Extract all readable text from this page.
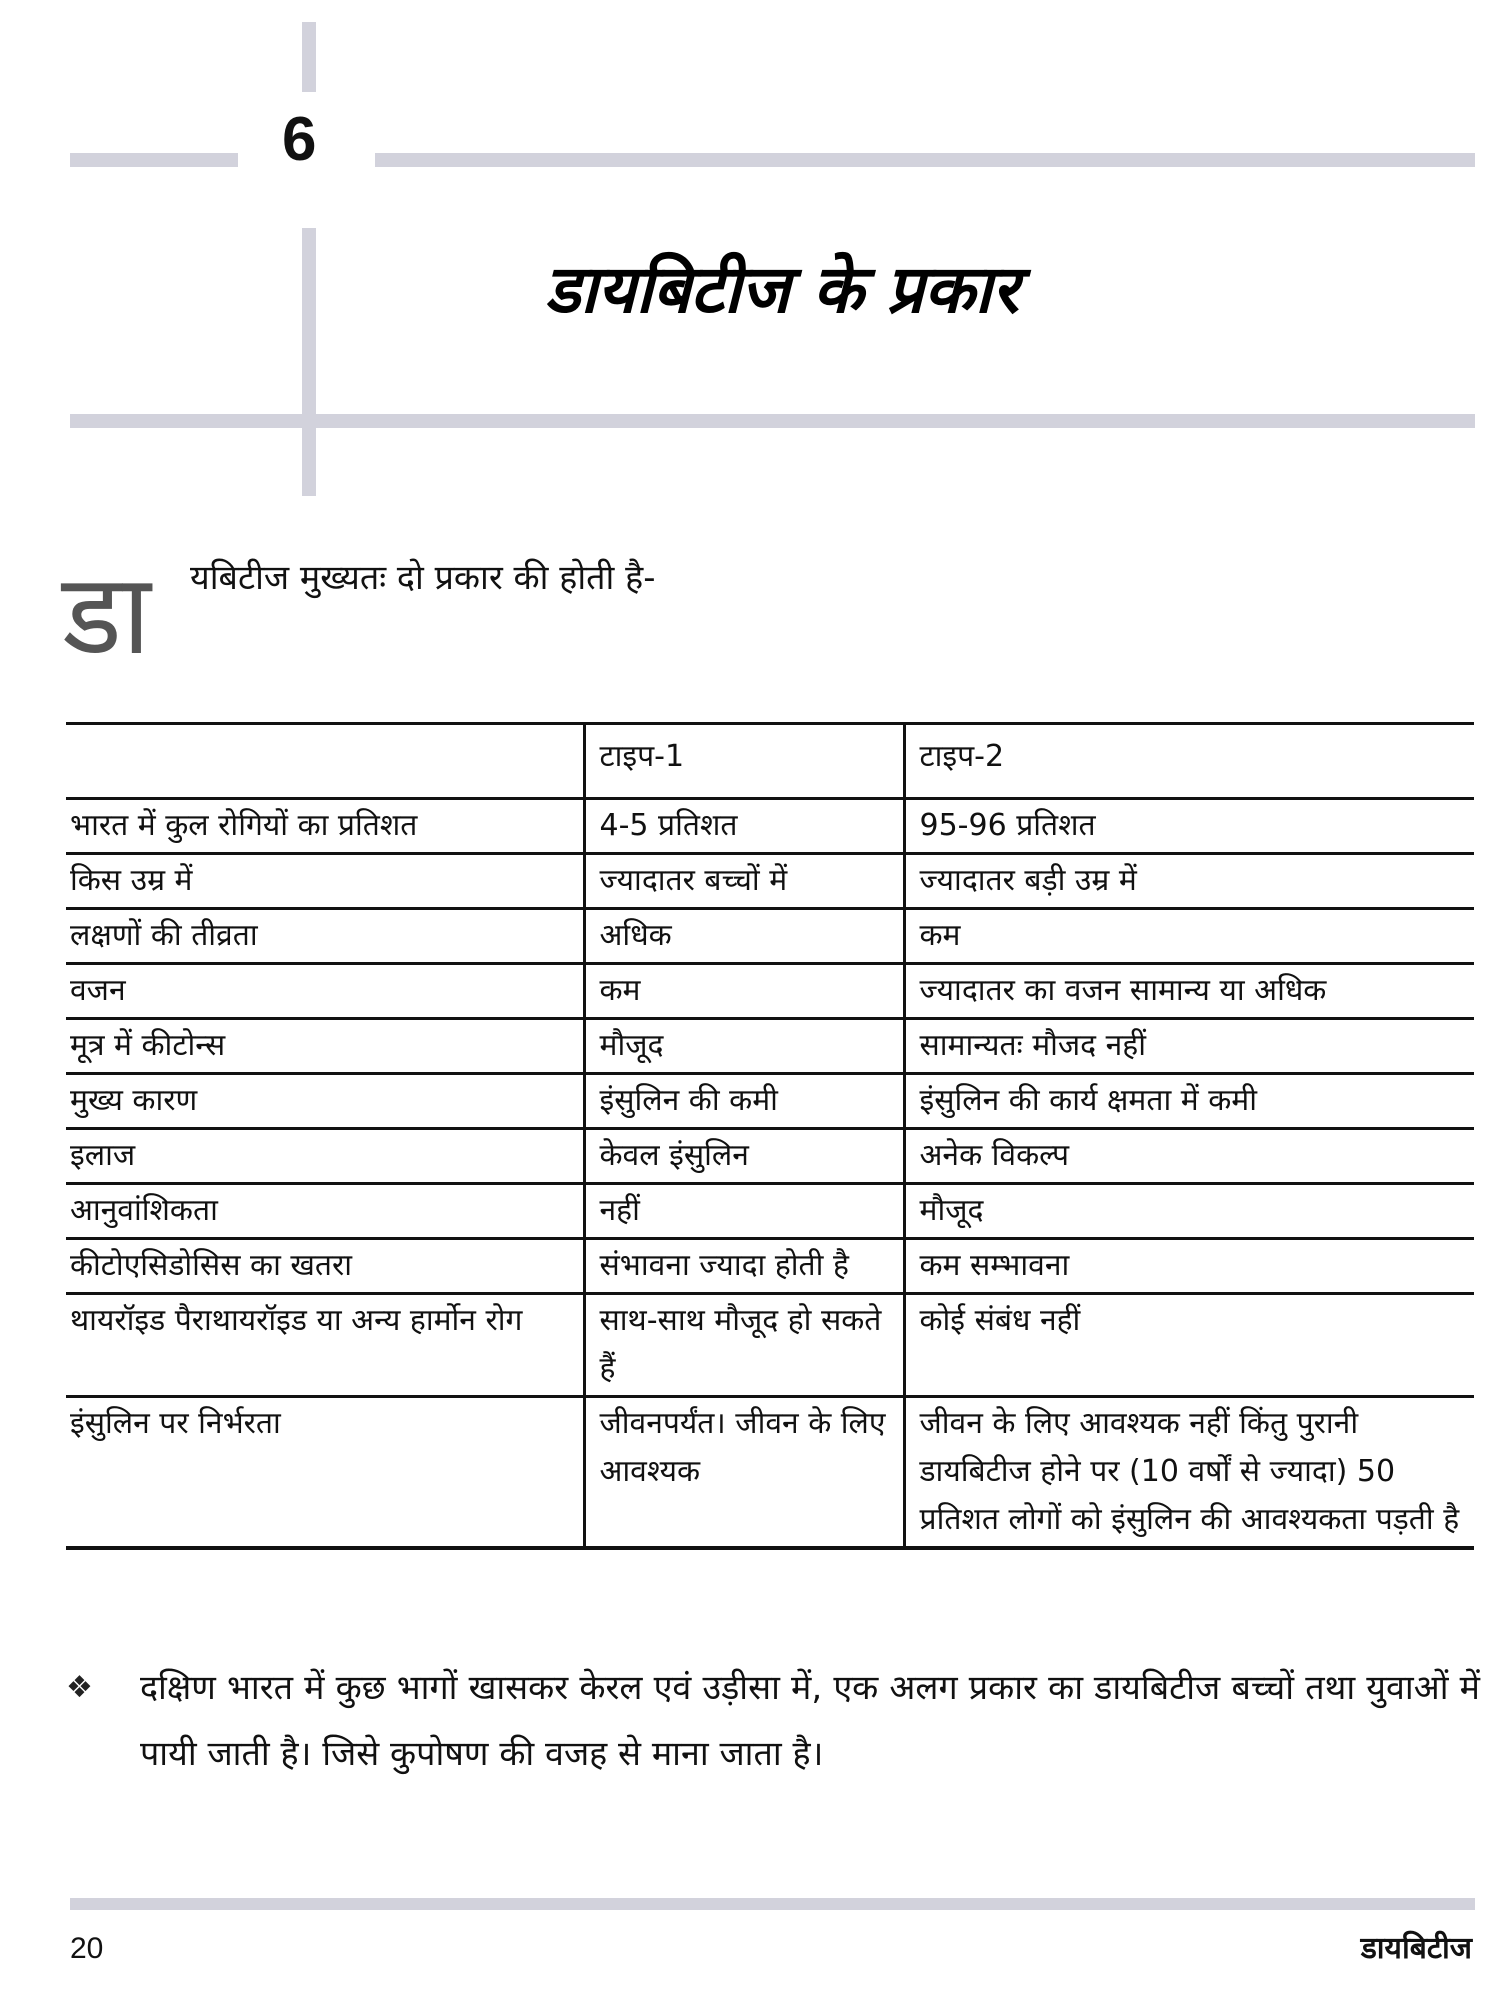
6
डायबिटीज के प्रकार
डा	यबिटीज मुख्यतः दो प्रकार की होती है-
	टाइप-1	टाइप-2
भारत में कुल रोगियों का प्रतिशत	4-5 प्रतिशत	95-96 प्रतिशत
किस उम्र में	ज्यादातर बच्चों में	ज्यादातर बड़ी उम्र में
लक्षणों की तीव्रता	अधिक	कम
वजन	कम	ज्यादातर का वजन सामान्य या अधिक
मूत्र में कीटोन्स	मौजूद	सामान्यतः मौजद नहीं
मुख्य कारण	इंसुलिन की कमी	इंसुलिन की कार्य क्षमता में कमी
इलाज	केवल इंसुलिन	अनेक विकल्प
आनुवांशिकता	नहीं	मौजूद
कीटोएसिडोसिस का खतरा	संभावना ज्यादा होती है	कम सम्भावना
थायरॉइड पैराथायरॉइड या अन्य हार्मोन रोग	साथ-साथ मौजूद हो सकते हैं	कोई संबंध नहीं
इंसुलिन पर निर्भरता	जीवनपर्यंत। जीवन के लिए आवश्यक	जीवन के लिए आवश्यक नहीं किंतु पुरानी डायबिटीज होने पर (10 वर्षों से ज्यादा) 50 प्रतिशत लोगों को इंसुलिन की आवश्यकता पड़ती है
❖	दक्षिण भारत में कुछ भागों खासकर केरल एवं उड़ीसा में, एक अलग प्रकार का डायबिटीज बच्चों तथा युवाओं में पायी जाती है। जिसे कुपोषण की वजह से माना जाता है।
20	डायबिटीज
